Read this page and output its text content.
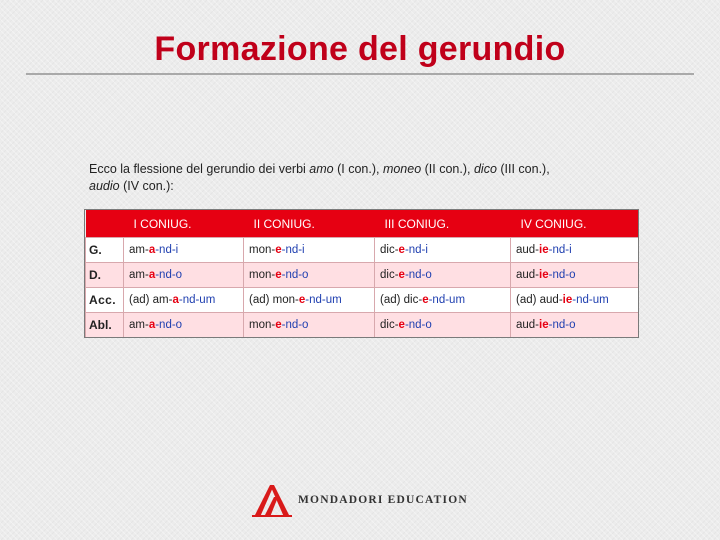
Formazione del gerundio

Ecco la flessione del gerundio dei verbi amo (I con.), moneo (II con.), dico (III con.),
audio (IV con.):

	I CONIUG.	II CONIUG.	III CONIUG.	IV CONIUG.
G.	am-a-nd-i	mon-e-nd-i	dic-e-nd-i	aud-ie-nd-i
D.	am-a-nd-o	mon-e-nd-o	dic-e-nd-o	aud-ie-nd-o
Acc.	(ad) am-a-nd-um	(ad) mon-e-nd-um	(ad) dic-e-nd-um	(ad) aud-ie-nd-um
Abl.	am-a-nd-o	mon-e-nd-o	dic-e-nd-o	aud-ie-nd-o
MONDADORI EDUCATION
